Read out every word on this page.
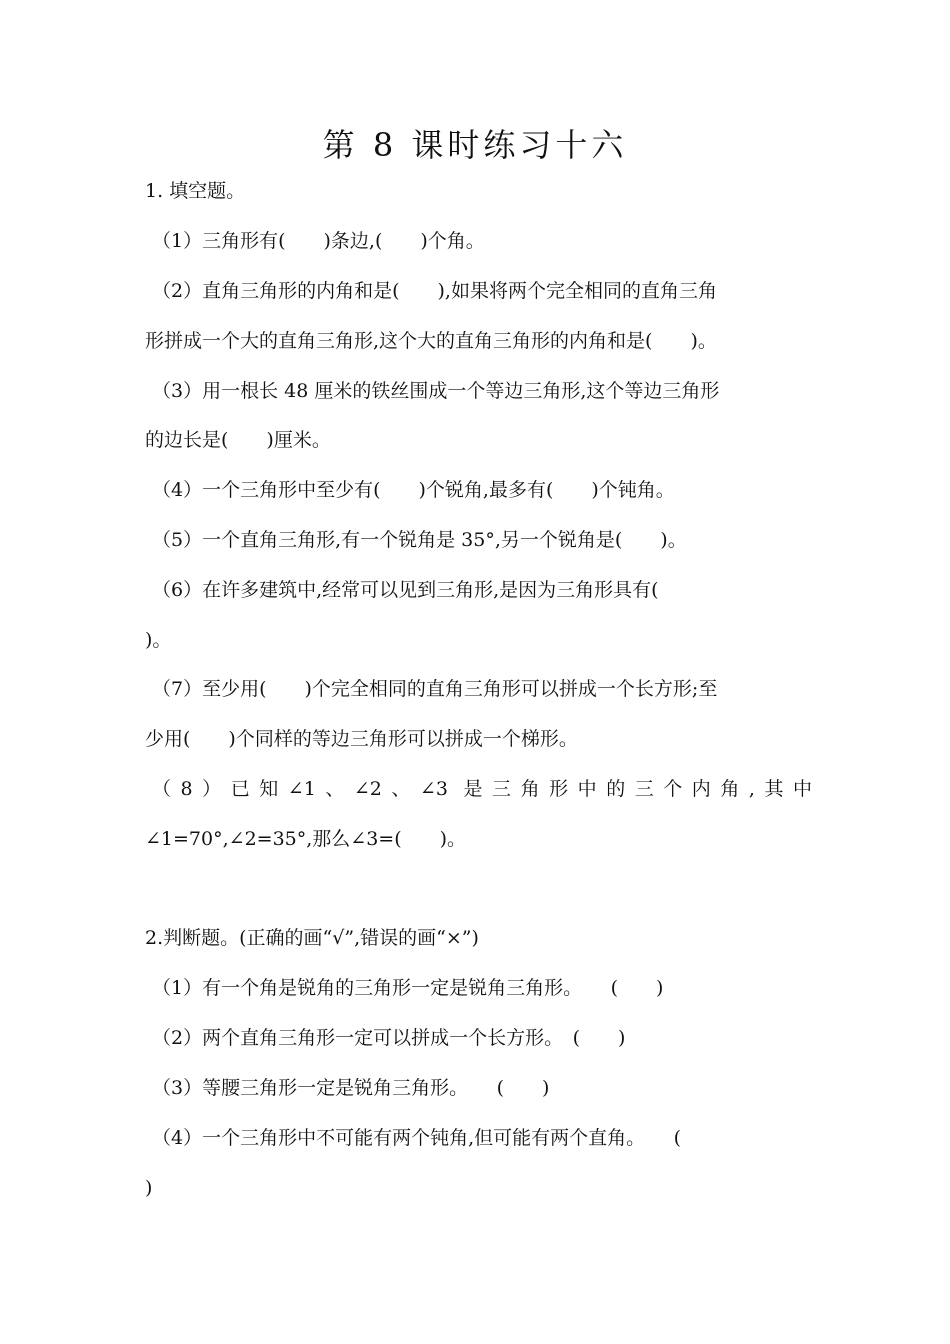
第 8 课时练习十六
1. 填空题。
（1）三角形有(　　)条边,(　　)个角。
（2）直角三角形的内角和是(　　),如果将两个完全相同的直角三角
形拼成一个大的直角三角形,这个大的直角三角形的内角和是(　　)。
（3）用一根长 48 厘米的铁丝围成一个等边三角形,这个等边三角形
的边长是(　　)厘米。
（4）一个三角形中至少有(　　)个锐角,最多有(　　)个钝角。
（5）一个直角三角形,有一个锐角是 35°,另一个锐角是(　　)。
（6）在许多建筑中,经常可以见到三角形,是因为三角形具有(
)。
（7）至少用(　　)个完全相同的直角三角形可以拼成一个长方形;至
少用(　　)个同样的等边三角形可以拼成一个梯形。
（8）已知∠1、∠2、∠3 是三角形中的三个内角,其中
∠1=70°,∠2=35°,那么∠3=(　　)。
2.判断题。(正确的画“√”,错误的画“×”)
（1）有一个角是锐角的三角形一定是锐角三角形。　　(　　)
（2）两个直角三角形一定可以拼成一个长方形。　(　　)
（3）等腰三角形一定是锐角三角形。　　(　　)
（4）一个三角形中不可能有两个钝角,但可能有两个直角。　　(
)
